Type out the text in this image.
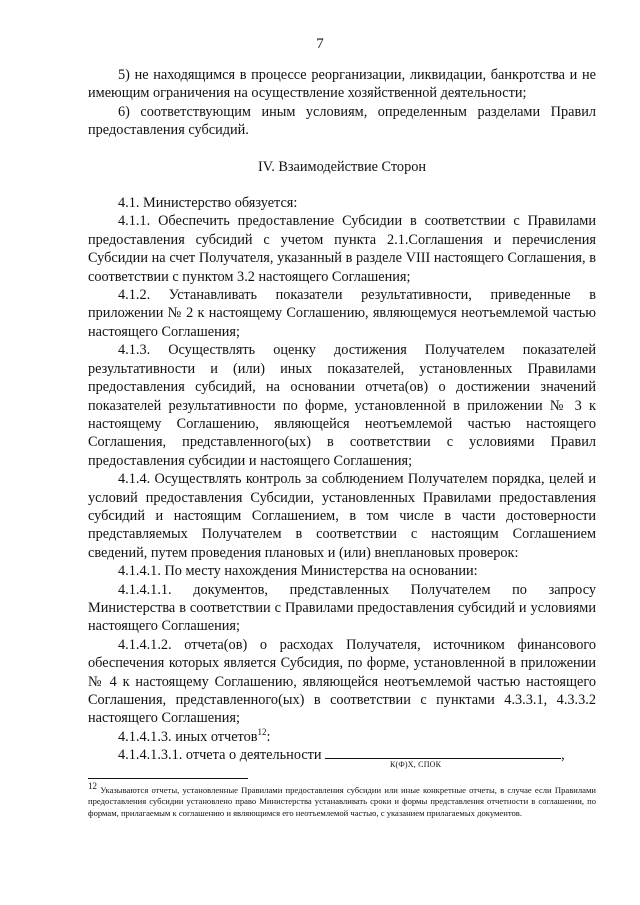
7

5) не находящимся в процессе реорганизации, ликвидации, банкротства и не имеющим ограничения на осуществление хозяйственной деятельности;

6) соответствующим иным условиям, определенным разделами Правил предоставления субсидий.

IV. Взаимодействие Сторон

4.1. Министерство обязуется:

4.1.1. Обеспечить предоставление Субсидии в соответствии с Правилами предоставления субсидий с учетом пункта 2.1.Соглашения и перечисления Субсидии на счет Получателя, указанный в разделе VIII настоящего Соглашения, в соответствии с пунктом 3.2 настоящего Соглашения;

4.1.2. Устанавливать показатели результативности, приведенные в приложении № 2 к настоящему Соглашению, являющемуся неотъемлемой частью настоящего Соглашения;

4.1.3. Осуществлять оценку достижения Получателем показателей результативности и (или) иных показателей, установленных Правилами предоставления субсидий, на основании отчета(ов) о достижении значений показателей результативности по форме, установленной в приложении № 3 к настоящему Соглашению, являющейся неотъемлемой частью настоящего Соглашения, представленного(ых) в соответствии с условиями Правил предоставления субсидии и настоящего Соглашения;

4.1.4. Осуществлять контроль за соблюдением Получателем порядка, целей и условий предоставления Субсидии, установленных Правилами предоставления субсидий и настоящим Соглашением, в том числе в части достоверности представляемых Получателем в соответствии с настоящим Соглашением сведений, путем проведения плановых и (или) внеплановых проверок:

4.1.4.1. По месту нахождения Министерства на основании:

4.1.4.1.1. документов, представленных Получателем по запросу Министерства в соответствии с Правилами предоставления субсидий и условиями настоящего Соглашения;

4.1.4.1.2. отчета(ов) о расходах Получателя, источником финансового обеспечения которых является Субсидия, по форме, установленной в приложении № 4 к настоящему Соглашению, являющейся неотъемлемой частью настоящего Соглашения, представленного(ых) в соответствии с пунктами 4.3.3.1, 4.3.3.2 настоящего Соглашения;

4.1.4.1.3. иных отчетов$^{12}$:

4.1.4.1.3.1. отчета о деятельности	,

К(Ф)Х, СПОК
$^{12}$ Указываются отчеты, установленные Правилами предоставления субсидии или иные конкретные отчеты, в случае если Правилами предоставления субсидии установлено право Министерства устанавливать сроки и формы представления отчетности в соглашении, по формам, прилагаемым к соглашению и являющимся его неотъемлемой частью, с указанием прилагаемых документов.
